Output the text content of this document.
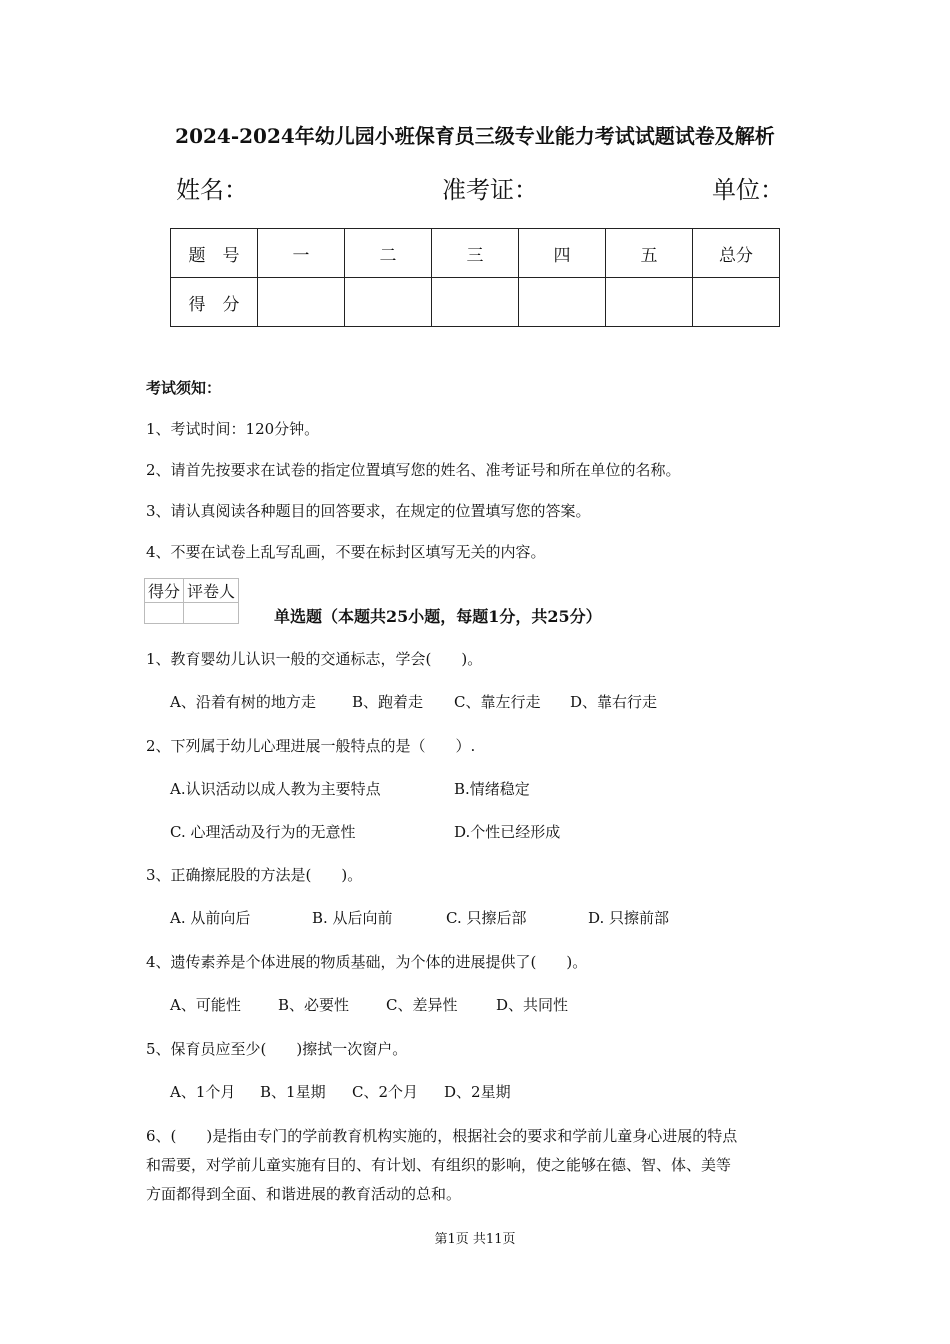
2024-2024年幼儿园小班保育员三级专业能力考试试题试卷及解析
姓名：	准考证：	单位：
题　号	一	二	三	四	五	总分
得　分						
考试须知：
1、考试时间：120分钟。
2、请首先按要求在试卷的指定位置填写您的姓名、准考证号和所在单位的名称。
3、请认真阅读各种题目的回答要求，在规定的位置填写您的答案。
4、不要在试卷上乱写乱画，不要在标封区填写无关的内容。
得分	评卷人

单选题（本题共25小题，每题1分，共25分）
1、教育婴幼儿认识一般的交通标志，学会(　　)。
A、沿着有树的地方走 B、跑着走 C、靠左行走 D、靠右行走
2、下列属于幼儿心理进展一般特点的是（　　）.
A.认识活动以成人教为主要特点	B.情绪稳定
C. 心理活动及行为的无意性	D.个性已经形成
3、正确擦屁股的方法是(　　)。
A. 从前向后	B. 从后向前	C. 只擦后部	D. 只擦前部
4、遗传素养是个体进展的物质基础，为个体的进展提供了(　　)。
A、可能性 B、必要性 C、差异性	D、共同性
5、保育员应至少(　　)擦拭一次窗户。
A、1个月 B、1星期 C、2个月 D、2星期
6、(　　)是指由专门的学前教育机构实施的，根据社会的要求和学前儿童身心进展的特点
和需要，对学前儿童实施有目的、有计划、有组织的影响，使之能够在德、智、体、美等
方面都得到全面、和谐进展的教育活动的总和。
第1页 共11页
